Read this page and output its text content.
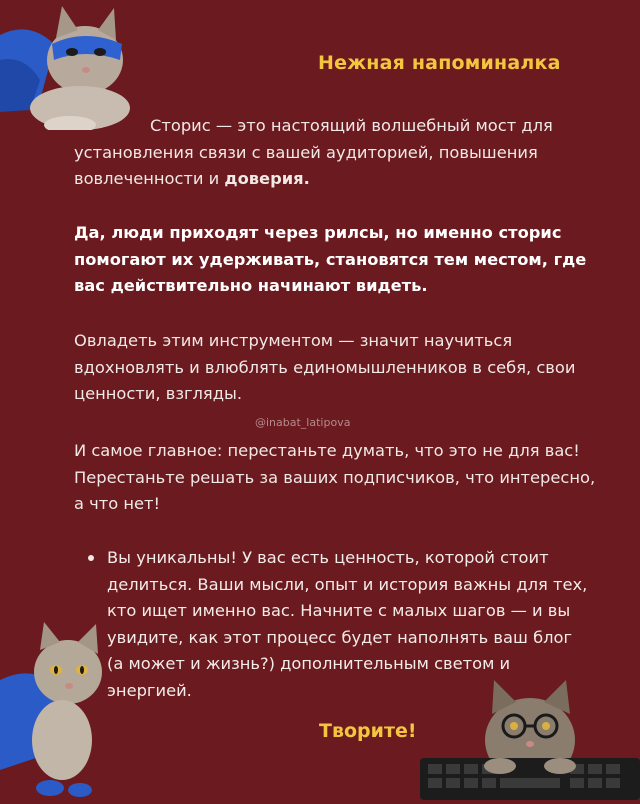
Нежная напоминалка
Сторис — это настоящий волшебный мост для установления связи с вашей аудиторией, повышения вовлеченности и доверия.
Да, люди приходят через рилсы, но именно сторис помогают их удерживать, становятся тем местом, где вас действительно начинают видеть.
Овладеть этим инструментом — значит научиться вдохновлять и влюблять единомышленников в себя, свои ценности, взгляды.
@inabat_latipova
И самое главное: перестаньте думать, что это не для вас! Перестаньте решать за ваших подписчиков, что интересно, а что нет!
Вы уникальны! У вас есть ценность, которой стоит делиться. Ваши мысли, опыт и история важны для тех, кто ищет именно вас. Начните с малых шагов — и вы увидите, как этот процесс будет наполнять ваш блог (а может и жизнь?) дополнительным светом и энергией.
Творите!
